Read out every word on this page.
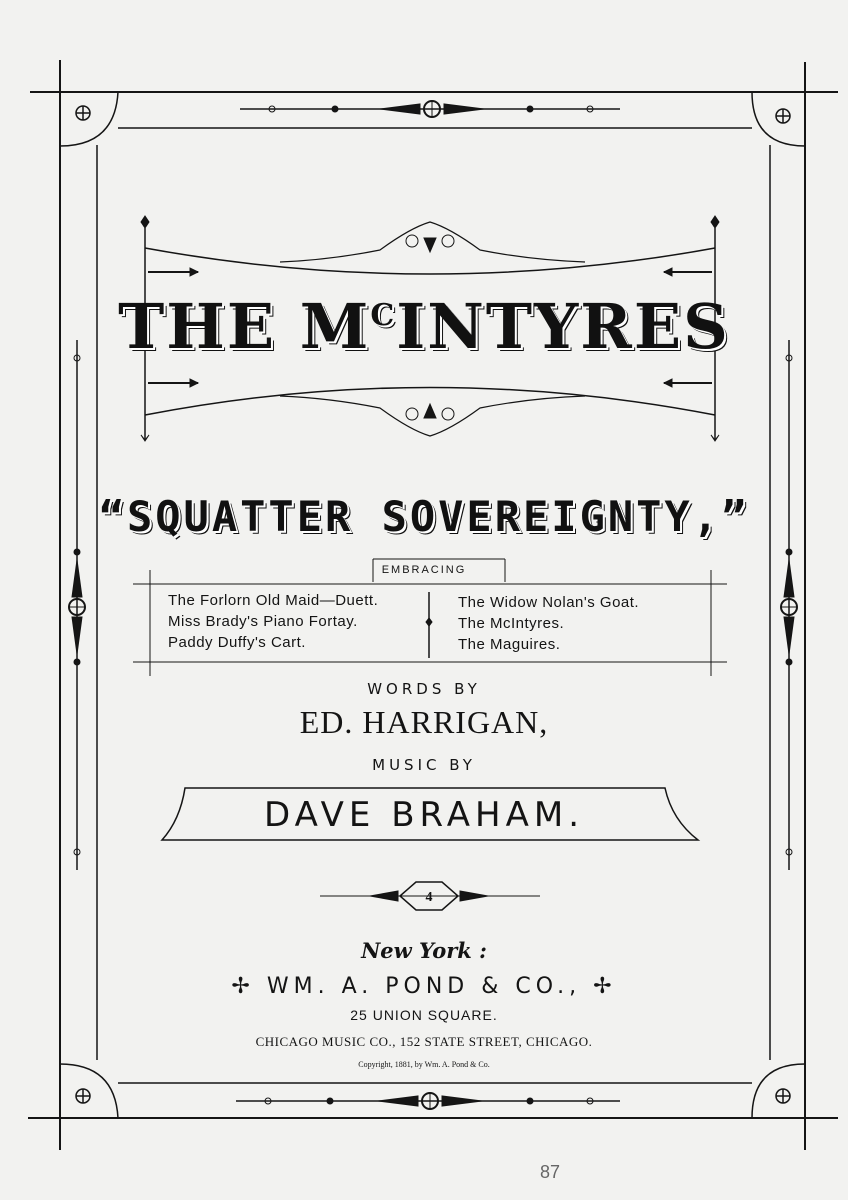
THE $M^CINTYRES$
“SQUATTER SOVEREIGNTY,”
EMBRACING
The Forlorn Old Maid—Duett.
Miss Brady's Piano Fortay.
Paddy Duffy's Cart.
The Widow Nolan's Goat.
The McIntyres.
The Maguires.
WORDS BY
ED. HARRIGAN,
MUSIC BY
DAVE BRAHAM.
4
New York :
✢ WM. A. POND & CO., ✢
25 UNION SQUARE.
CHICAGO MUSIC CO., 152 STATE STREET, CHICAGO.
Copyright, 1881, by Wm. A. Pond & Co.
87
